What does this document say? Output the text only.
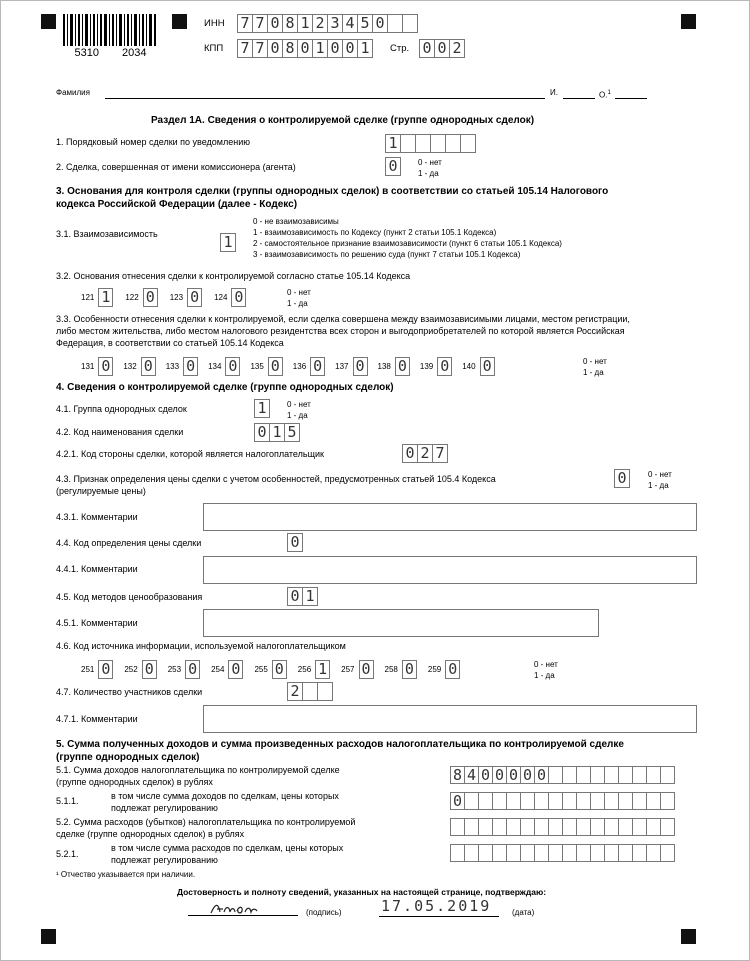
5310 2034
ИНН 7 7 0 8 1 2 3 4 5 0
КПП 7 7 0 8 0 1 0 0 1	Стр. 0 0 2
Фамилия	И.	О.$^1$
Раздел 1А. Сведения о контролируемой сделке (группе однородных сделок)
1. Порядковый номер сделки по уведомлению	1
2. Сделка, совершенная от имени комиссионера (агента)	0	0 - нет
1 - да
3. Основания для контроля сделки (группы однородных сделок) в соответствии со статьей 105.14 Налогового
кодекса Российской Федерации (далее - Кодекс)
3.1. Взаимозависимость	1
0 - не взаимозависимы
1 - взаимозависимость по Кодексу (пункт 2 статьи 105.1 Кодекса)
2 - самостоятельное признание взаимозависимости (пункт 6 статьи 105.1 Кодекса)
3 - взаимозависимость по решению суда (пункт 7 статьи 105.1 Кодекса)
3.2. Основания отнесения сделки к контролируемой согласно статье 105.14 Кодекса
121 1	122 0	123 0	124 0	0 - нет
1 - да
3.3. Особенности отнесения сделки к контролируемой, если сделка совершена между взаимозависимыми лицами, местом регистрации,
либо местом жительства, либо местом налогового резидентства всех сторон и выгодоприобретателей по которой является Российская
Федерация, в соответствии со статьей 105.14 Кодекса
131 0	132 0	133 0	134 0	135 0	136 0	137 0	138 0	139 0	140 0	0 - нет
1 - да
4. Сведения о контролируемой сделке (группе однородных сделок)
4.1. Группа однородных сделок	1	0 - нет
1 - да
4.2. Код наименования сделки	0 1 5
4.2.1. Код стороны сделки, которой является налогоплательщик	0 2 7
4.3. Признак определения цены сделки с учетом особенностей, предусмотренных статьей 105.4 Кодекса
(регулируемые цены)
0	0 - нет
1 - да
4.3.1. Комментарии
4.4. Код определения цены сделки	0
4.4.1. Комментарии
4.5. Код методов ценообразования	0 1
4.5.1. Комментарии
4.6. Код источника информации, используемой налогоплательщиком
251 0	252 0	253 0	254 0	255 0	256 1	257 0	258 0	259 0	0 - нет
1 - да
4.7. Количество участников сделки	2
4.7.1. Комментарии
5. Сумма полученных доходов и сумма произведенных расходов налогоплательщика по контролируемой сделке
(группе однородных сделок)
5.1. Сумма доходов налогоплательщика по контролируемой сделке
(группе однородных сделок) в рублях	8 4 0 0 0 0 0
5.1.1.	в том числе сумма доходов по сделкам, цены которых
подлежат регулированию	0
5.2. Сумма расходов (убытков) налогоплательщика по контролируемой
сделке (группе однородных сделок) в рублях
5.2.1.
в том числе сумма расходов по сделкам, цены которых
подлежат регулированию
¹ Отчество указывается при наличии.
Достоверность и полноту сведений, указанных на настоящей странице, подтверждаю:
(подпись)	17.05.2019	(дата)
